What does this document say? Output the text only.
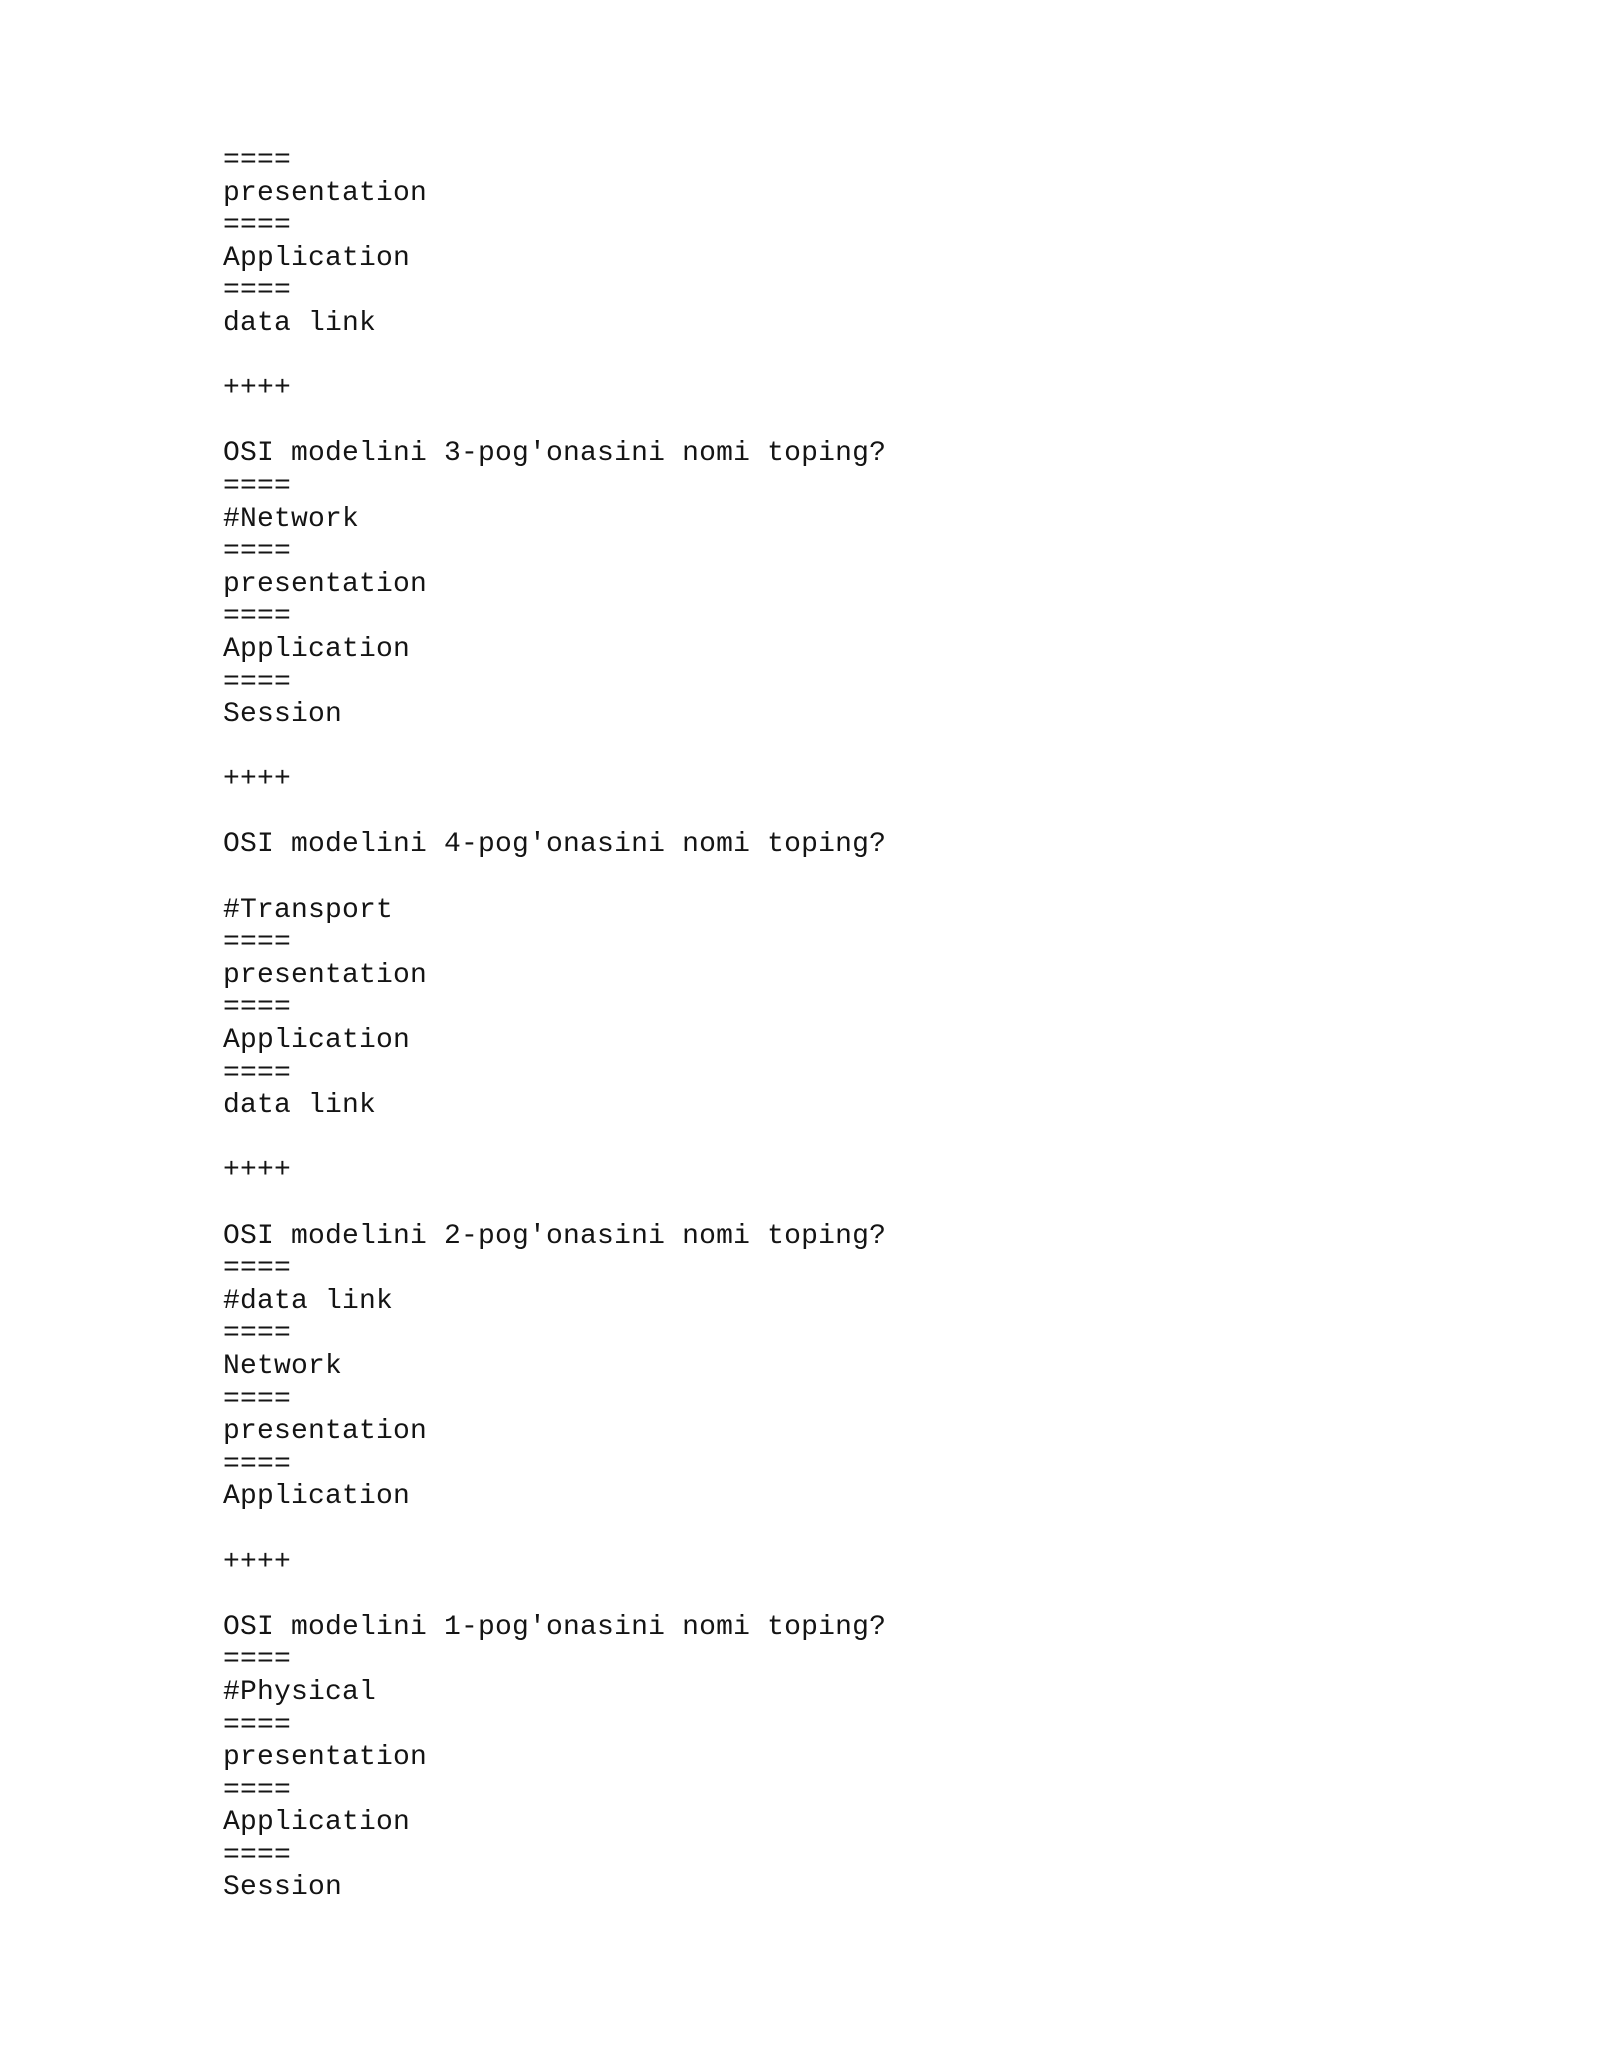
====
presentation
====
Application
====
data link
++++
OSI modelini 3-pog'onasini nomi toping?
====
#Network
====
presentation
====
Application
====
Session
++++
OSI modelini 4-pog'onasini nomi toping?
#Transport
====
presentation
====
Application
====
data link
++++
OSI modelini 2-pog'onasini nomi toping?
====
#data link
====
Network
====
presentation
====
Application
++++
OSI modelini 1-pog'onasini nomi toping?
====
#Physical
====
presentation
====
Application
====
Session
